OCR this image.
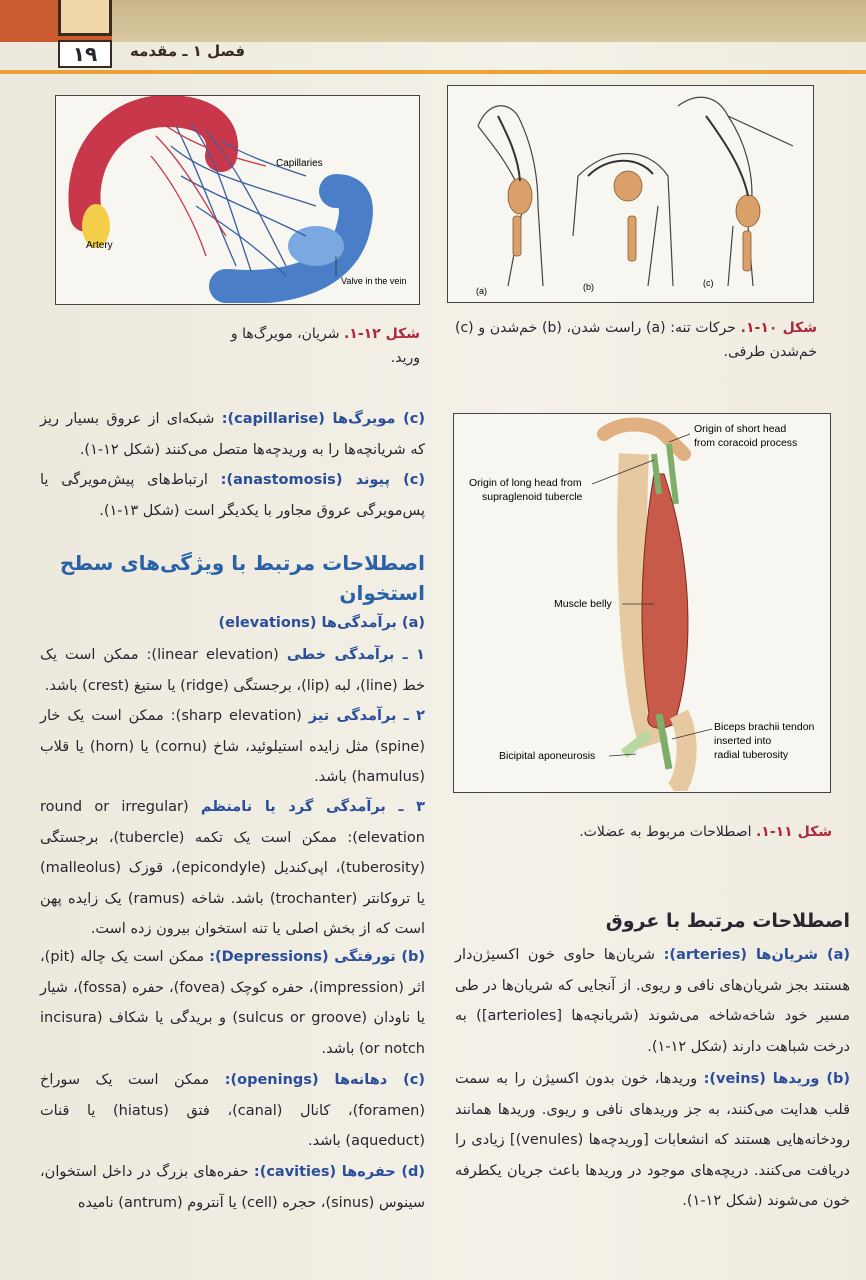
۱۹	فصل ۱ ـ مقدمه
Capillaries
Artery
Valve in the vein
شکل ۱۲-۱. شریان، مویرگ‌ها و ورید.
(a)	(b)	(c)
شکل ۱۰-۱. حرکات تنه: (a) راست شدن، (b) خم‌شدن و (c) خم‌شدن طرفی.
Origin of short head
from coracoid process
Origin of long head from
supraglenoid tubercle
Muscle belly
Biceps brachii tendon
inserted into
radial tuberosity
Bicipital aponeurosis
شکل ۱۱-۱. اصطلاحات مربوط به عضلات.
(c) مویرگ‌ها (capillarise): شبکه‌ای از عروق بسیار ریز که شریانچه‌ها را به وریدچه‌ها متصل می‌کنند (شکل ۱۲-۱).
(c) پیوند (anastomosis): ارتباط‌های پیش‌مویرگی یا پس‌مویرگی عروق مجاور با یکدیگر است (شکل ۱۳-۱).
اصطلاحات مرتبط با ویژگی‌های سطح استخوان
(a) برآمدگی‌ها (elevations)
۱ ـ برآمدگی خطی (linear elevation): ممکن است یک خط (line)، لبه (lip)، برجستگی (ridge) یا ستیغ (crest) باشد.
۲ ـ برآمدگی تیز (sharp elevation): ممکن است یک خار (spine) مثل زایده استیلوئید، شاخ (cornu) یا (horn) یا قلاب (hamulus) باشد.
۳ ـ برآمدگی گرد یا نامنظم (round or irregular elevation): ممکن است یک تکمه (tubercle)، برجستگی (tuberosity)، اپی‌کندیل (epicondyle)، قوزک (malleolus) یا تروکانتر (trochanter) باشد. شاخه (ramus) یک زایده پهن است که از بخش اصلی یا تنه استخوان بیرون زده است.
(b) تورفتگی (Depressions): ممکن است یک چاله (pit)، اثر (impression)، حفره کوچک (fovea)، حفره (fossa)، شیار یا ناودان (sulcus or groove) و بریدگی یا شکاف (incisura or notch) باشد.
(c) دهانه‌ها (openings): ممکن است یک سوراخ (foramen)، کانال (canal)، فتق (hiatus) یا قنات (aqueduct) باشد.
(d) حفره‌ها (cavities): حفره‌های بزرگ در داخل استخوان، سینوس (sinus)، حجره (cell) یا آنتروم (antrum) نامیده
اصطلاحات مرتبط با عروق
(a) شریان‌ها (arteries): شریان‌ها حاوی خون اکسیژن‌دار هستند بجز شریان‌های نافی و ریوی. از آنجایی که شریان‌ها در طی مسیر خود شاخه‌شاخه می‌شوند (شریانچه‌ها [arterioles]) به درخت شباهت دارند (شکل ۱۲-۱).
(b) وریدها (veins): وریدها، خون بدون اکسیژن را به سمت قلب هدایت می‌کنند، به جز وریدهای نافی و ریوی. وریدها همانند رودخانه‌هایی هستند که انشعابات [وریدچه‌ها (venules)] زیادی را دریافت می‌کنند. دریچه‌های موجود در وریدها باعث جریان یکطرفه خون می‌شوند (شکل ۱۲-۱).
